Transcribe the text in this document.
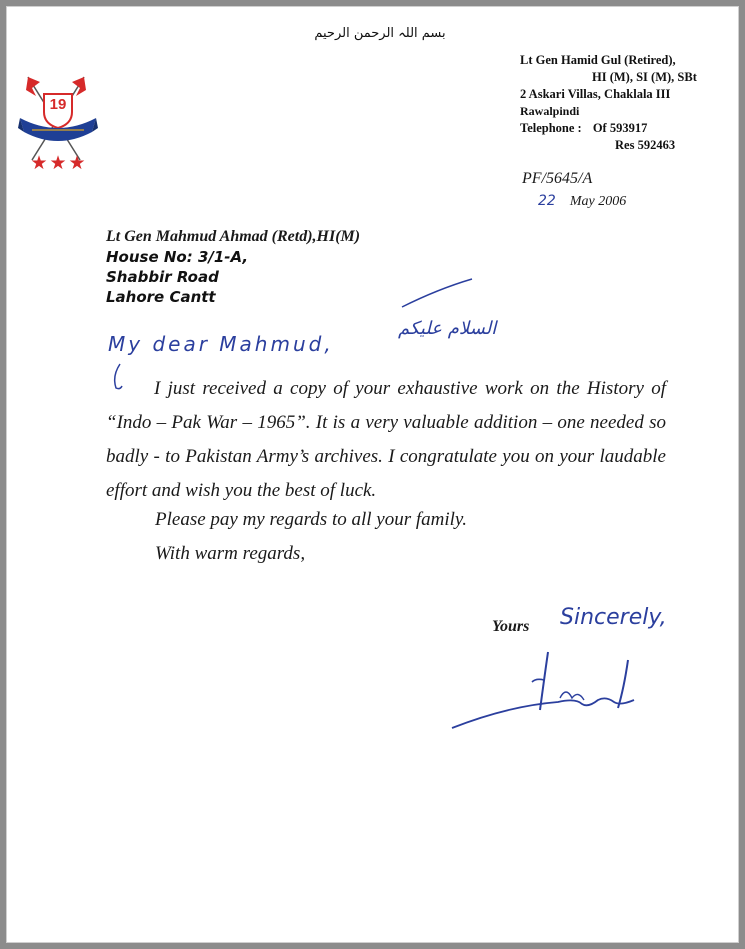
بسم اللہ الرحمن الرحیم
19
★★★
Lt Gen Hamid Gul (Retired),
HI (M), SI (M), SBt
2 Askari Villas, Chaklala III
Rawalpindi
Telephone : Of 593917
Res 592463
PF/5645/A
22 May 2006
Lt Gen Mahmud Ahmad (Retd),HI(M)
House No: 3/1-A,
Shabbir Road
Lahore Cantt
My dear Mahmud,
السلام علیکم
I just received a copy of your exhaustive work on the History of “Indo – Pak War – 1965”. It is a very valuable addition – one needed so badly - to Pakistan Army’s archives. I congratulate you on your laudable effort and wish you the best of luck.
Please pay my regards to all your family.
With warm regards,
Yours Sincerely,
